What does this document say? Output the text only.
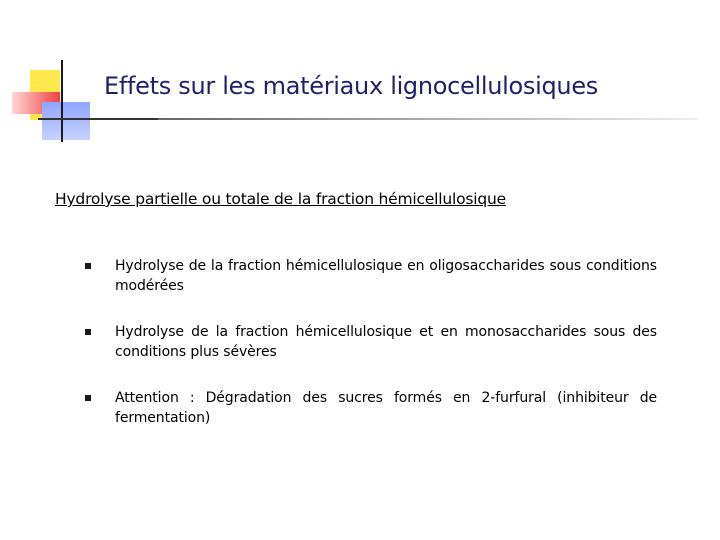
Effets sur les matériaux lignocellulosiques
Hydrolyse partielle ou totale de la fraction hémicellulosique
Hydrolyse de la fraction hémicellulosique en oligosaccharides sous conditions modérées
Hydrolyse de la fraction hémicellulosique et en monosaccharides sous des conditions plus sévères
Attention : Dégradation des sucres formés en 2-furfural (inhibiteur de fermentation)
